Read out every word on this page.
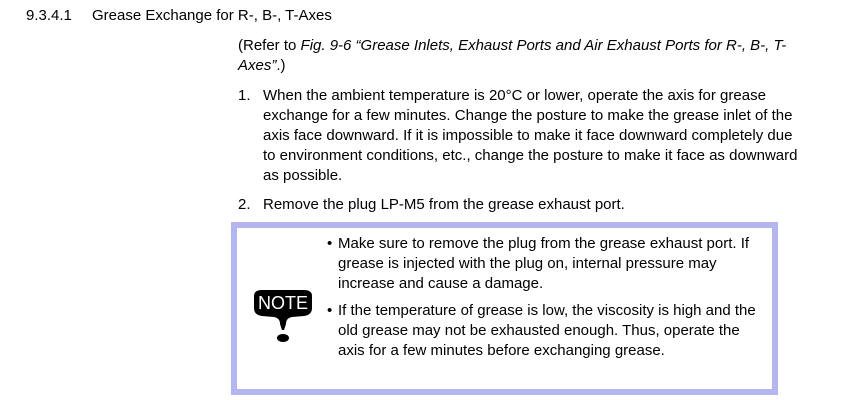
9.3.4.1 Grease Exchange for R-, B-, T-Axes
(Refer to Fig. 9-6 “Grease Inlets, Exhaust Ports and Air Exhaust Ports for R-, B-, T-Axes”.)
1. When the ambient temperature is 20°C or lower, operate the axis for grease exchange for a few minutes. Change the posture to make the grease inlet of the axis face downward. If it is impossible to make it face downward completely due to environment conditions, etc., change the posture to make it face as downward as possible.
2. Remove the plug LP-M5 from the grease exhaust port.
NOTE
• Make sure to remove the plug from the grease exhaust port. If grease is injected with the plug on, internal pressure may increase and cause a damage.
• If the temperature of grease is low, the viscosity is high and the old grease may not be exhausted enough. Thus, operate the axis for a few minutes before exchanging grease.
